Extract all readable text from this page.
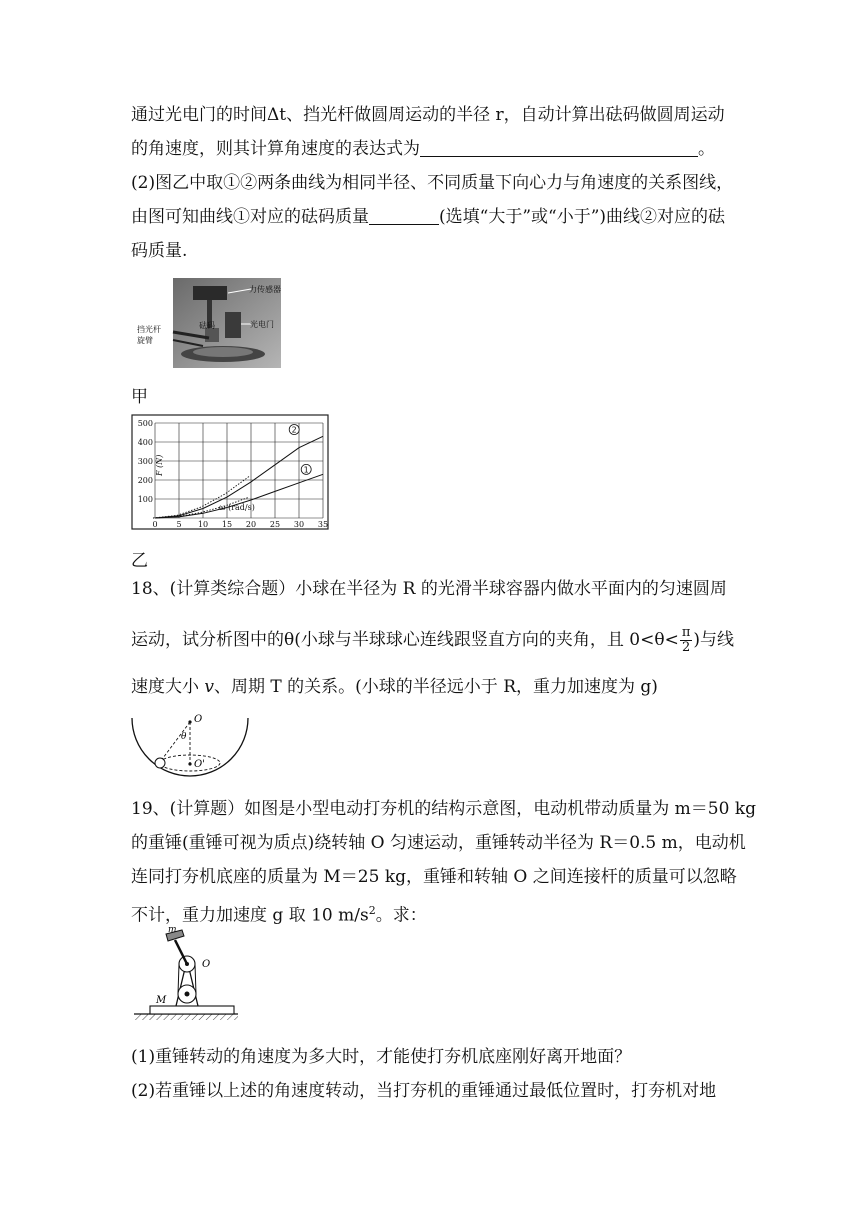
通过光电门的时间Δt、挡光杆做圆周运动的半径 r，自动计算出砝码做圆周运动
的角速度，则其计算角速度的表达式为	。
(2)图乙中取①②两条曲线为相同半径、不同质量下向心力与角速度的关系图线，
由图可知曲线①对应的砝码质量	(选填“大于”或“小于”)曲线②对应的砝
码质量.
力传感器
光电门
砝码
挡光杆
旋臂
甲
0 5 10 15 20 25 30 35
100
200
300
400
500
2
1
F (N)
ω (rad/s)
乙
18、(计算类综合题）小球在半径为 R 的光滑半球容器内做水平面内的匀速圆周
运动，试分析图中的θ(小球与半球球心连线跟竖直方向的夹角，且 $0<\theta< \frac{\pi}{2}$ )与线
速度大小 v、周期 T 的关系。(小球的半径远小于 R，重力加速度为 g)
O
θ
O'
19、(计算题）如图是小型电动打夯机的结构示意图，电动机带动质量为 m＝50 kg
的重锤(重锤可视为质点)绕转轴 O 匀速运动，重锤转动半径为 R＝0.5 m，电动机
连同打夯机底座的质量为 M＝25 kg，重锤和转轴 O 之间连接杆的质量可以忽略
不计，重力加速度 g 取 10 $m/s^2$。求：
m
O
M
(1)重锤转动的角速度为多大时，才能使打夯机底座刚好离开地面？
(2)若重锤以上述的角速度转动，当打夯机的重锤通过最低位置时，打夯机对地
